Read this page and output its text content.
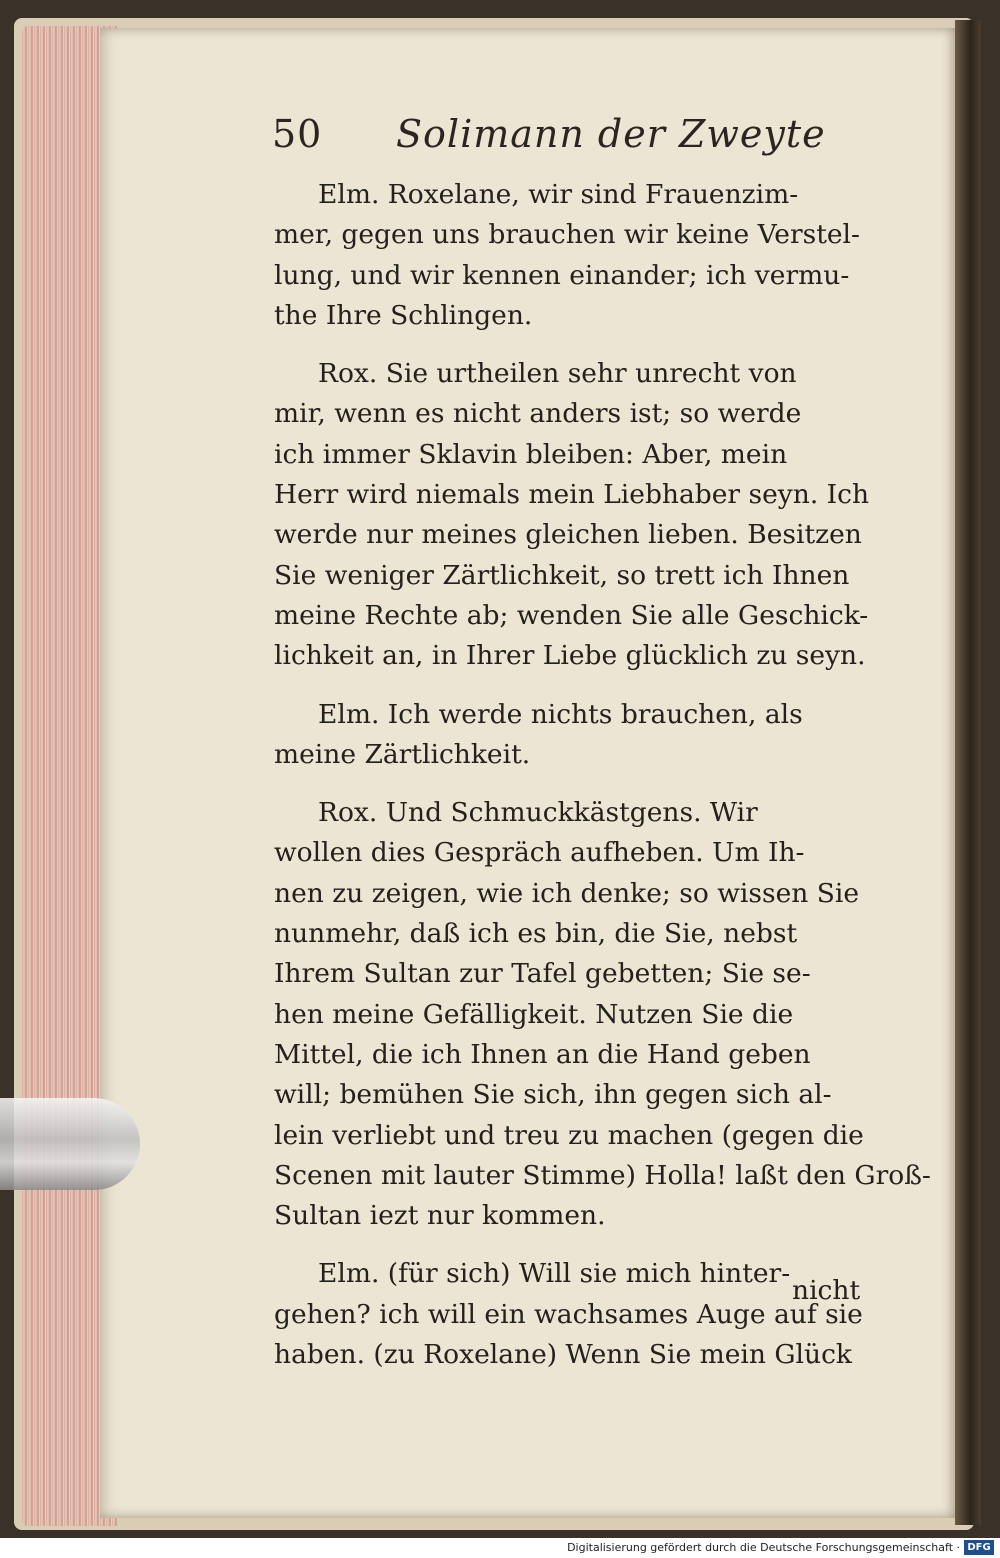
50 Solimann der Zweyte
Elm. Roxelane, wir sind Frauenzim-
mer, gegen uns brauchen wir keine Verstel-
lung, und wir kennen einander; ich vermu-
the Ihre Schlingen.
Rox. Sie urtheilen sehr unrecht von
mir, wenn es nicht anders ist; so werde
ich immer Sklavin bleiben: Aber, mein
Herr wird niemals mein Liebhaber seyn. Ich
werde nur meines gleichen lieben. Besitzen
Sie weniger Zärtlichkeit, so trett ich Ihnen
meine Rechte ab; wenden Sie alle Geschick-
lichkeit an, in Ihrer Liebe glücklich zu seyn.
Elm. Ich werde nichts brauchen, als
meine Zärtlichkeit.
Rox. Und Schmuckkästgens. Wir
wollen dies Gespräch aufheben. Um Ih-
nen zu zeigen, wie ich denke; so wissen Sie
nunmehr, daß ich es bin, die Sie, nebst
Ihrem Sultan zur Tafel gebetten; Sie se-
hen meine Gefälligkeit. Nutzen Sie die
Mittel, die ich Ihnen an die Hand geben
will; bemühen Sie sich, ihn gegen sich al-
lein verliebt und treu zu machen (gegen die
Scenen mit lauter Stimme) Holla! laßt den Groß-
Sultan iezt nur kommen.
Elm. (für sich) Will sie mich hinter-
gehen? ich will ein wachsames Auge auf sie
haben. (zu Roxelane) Wenn Sie mein Glück
nicht
Digitalisierung gefördert durch die Deutsche Forschungsgemeinschaft · DFG
